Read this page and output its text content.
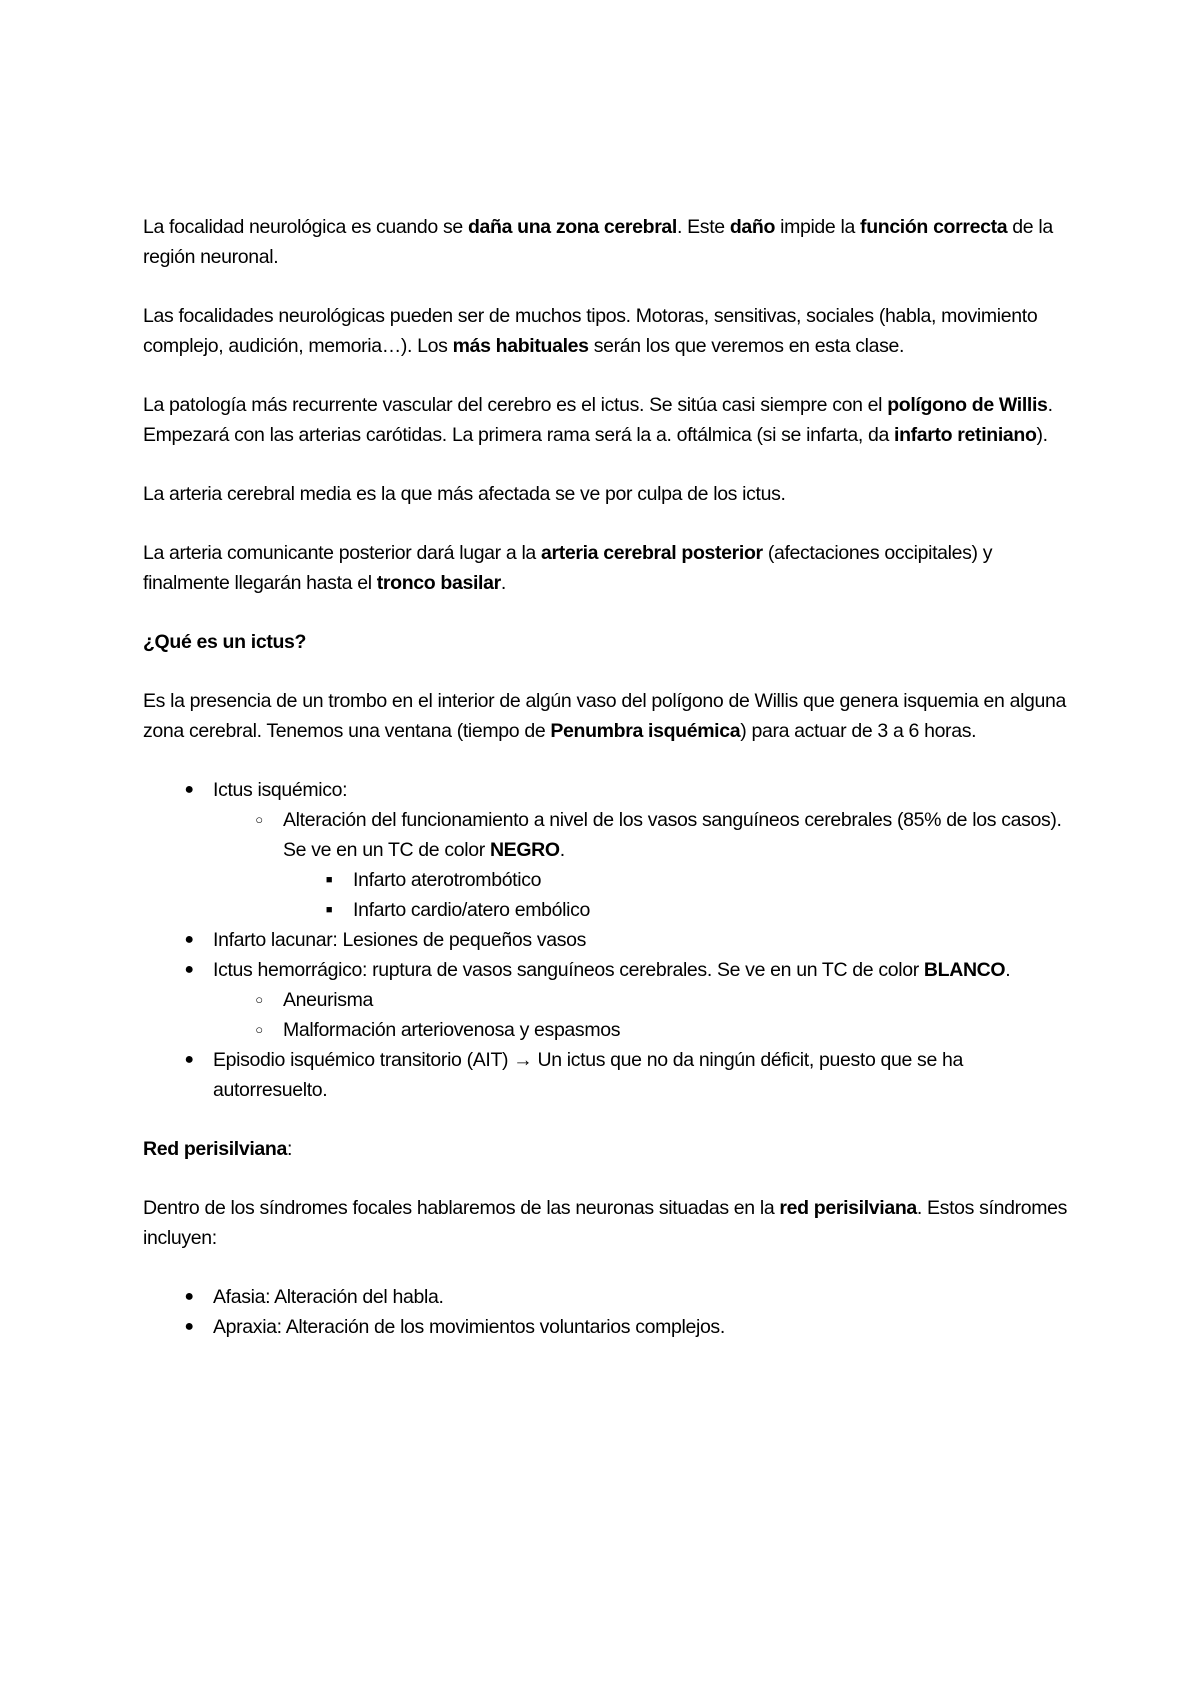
La focalidad neurológica es cuando se daña una zona cerebral. Este daño impide la función correcta de la región neuronal.

Las focalidades neurológicas pueden ser de muchos tipos. Motoras, sensitivas, sociales (habla, movimiento complejo, audición, memoria…). Los más habituales serán los que veremos en esta clase.

La patología más recurrente vascular del cerebro es el ictus. Se sitúa casi siempre con el polígono de Willis. Empezará con las arterias carótidas. La primera rama será la a. oftálmica (si se infarta, da infarto retiniano).

La arteria cerebral media es la que más afectada se ve por culpa de los ictus.

La arteria comunicante posterior dará lugar a la arteria cerebral posterior (afectaciones occipitales) y finalmente llegarán hasta el tronco basilar.

¿Qué es un ictus?

Es la presencia de un trombo en el interior de algún vaso del polígono de Willis que genera isquemia en alguna zona cerebral. Tenemos una ventana (tiempo de Penumbra isquémica) para actuar de 3 a 6 horas.

● Ictus isquémico:
○	Alteración del funcionamiento a nivel de los vasos sanguíneos cerebrales (85% de los casos). Se ve en un TC de color NEGRO.
■	Infarto aterotrombótico
■	Infarto cardio/atero embólico
● Infarto lacunar: Lesiones de pequeños vasos
● Ictus hemorrágico: ruptura de vasos sanguíneos cerebrales. Se ve en un TC de color BLANCO.
○	Aneurisma
○	Malformación arteriovenosa y espasmos
● Episodio isquémico transitorio (AIT) → Un ictus que no da ningún déficit, puesto que se ha autorresuelto.

Red perisilviana:

Dentro de los síndromes focales hablaremos de las neuronas situadas en la red perisilviana. Estos síndromes incluyen:

● Afasia: Alteración del habla.
● Apraxia: Alteración de los movimientos voluntarios complejos.
